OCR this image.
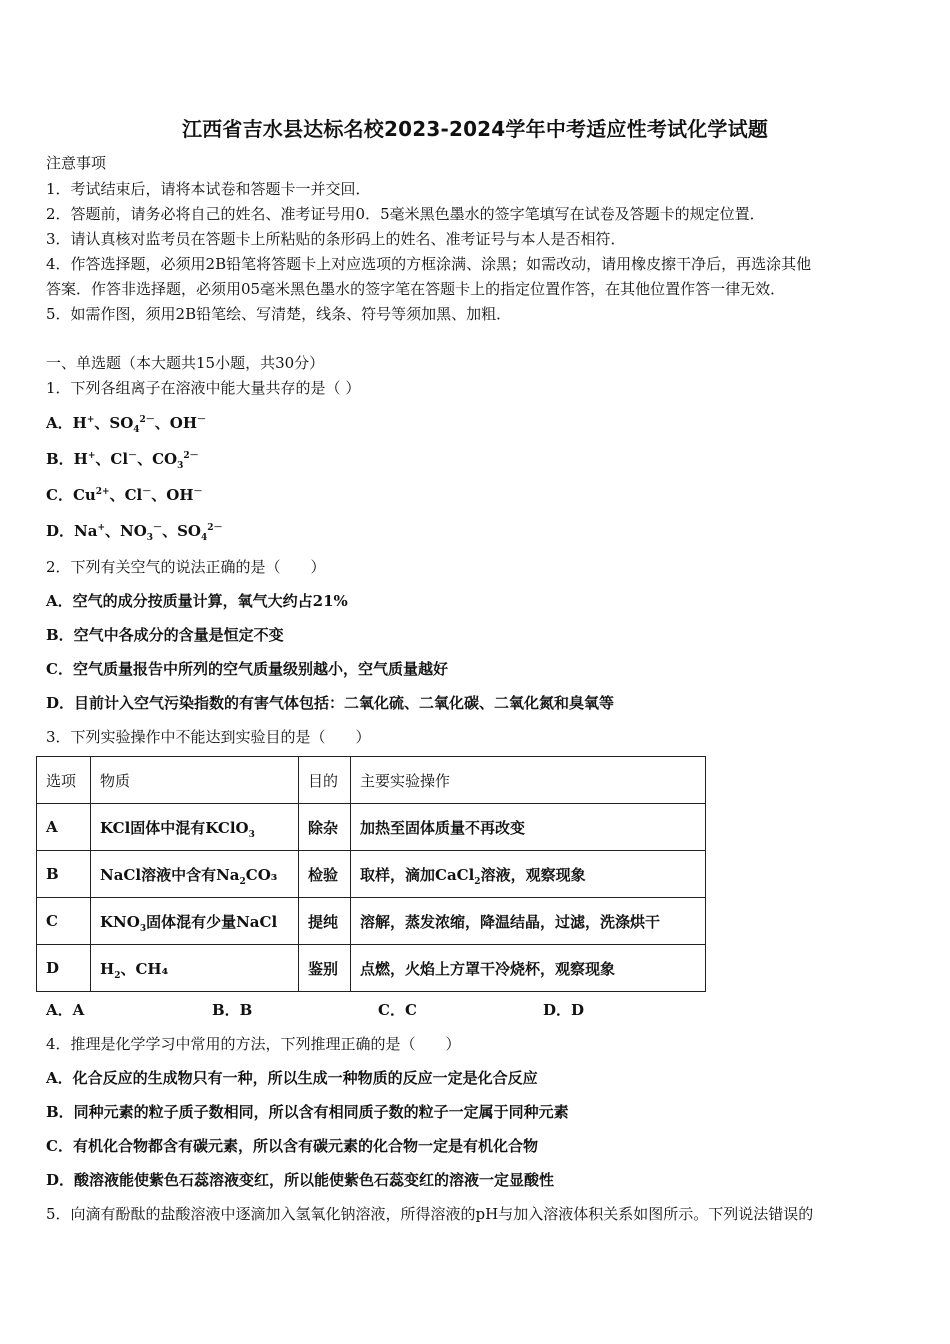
江西省吉水县达标名校2023-2024学年中考适应性考试化学试题
注意事项
1．考试结束后，请将本试卷和答题卡一并交回．
2．答题前，请务必将自己的姓名、准考证号用0．5毫米黑色墨水的签字笔填写在试卷及答题卡的规定位置．
3．请认真核对监考员在答题卡上所粘贴的条形码上的姓名、准考证号与本人是否相符．
4．作答选择题，必须用2B铅笔将答题卡上对应选项的方框涂满、涂黑；如需改动，请用橡皮擦干净后，再选涂其他
答案．作答非选择题，必须用05毫米黑色墨水的签字笔在答题卡上的指定位置作答，在其他位置作答一律无效．
5．如需作图，须用2B铅笔绘、写清楚，线条、符号等须加黑、加粗．
一、单选题（本大题共15小题，共30分）
1．下列各组离子在溶液中能大量共存的是（ ）
A．H+、$SO_4^{2-}$、OH－
B．H+、Cl－、$CO_3^{2-}$
C．$Cu^{2+}$、Cl－、OH－
D．Na+、$NO_3^-$、$SO_4^{2-}$
2．下列有关空气的说法正确的是（　　）
A．空气的成分按质量计算，氧气大约占21%
B．空气中各成分的含量是恒定不变
C．空气质量报告中所列的空气质量级别越小，空气质量越好
D．目前计入空气污染指数的有害气体包括：二氧化硫、二氧化碳、二氧化氮和臭氧等
3．下列实验操作中不能达到实验目的是（　　）
选项	物质	目的	主要实验操作
A	KCl固体中混有KClO$_3$	除杂	加热至固体质量不再改变
B	NaCl溶液中含有$Na_2CO_3$	检验	取样，滴加CaCl$_2$溶液，观察现象
C	$KNO_3$固体混有少量NaCl	提纯	溶解，蒸发浓缩，降温结晶，过滤，洗涤烘干
D	$H_2$、CH₄	鉴别	点燃，火焰上方罩干冷烧杯，观察现象
A．A	B．B	C．C	D．D
4．推理是化学学习中常用的方法，下列推理正确的是（　　）
A．化合反应的生成物只有一种，所以生成一种物质的反应一定是化合反应
B．同种元素的粒子质子数相同，所以含有相同质子数的粒子一定属于同种元素
C．有机化合物都含有碳元素，所以含有碳元素的化合物一定是有机化合物
D．酸溶液能使紫色石蕊溶液变红，所以能使紫色石蕊变红的溶液一定显酸性
5．向滴有酚酞的盐酸溶液中逐滴加入氢氧化钠溶液，所得溶液的pH与加入溶液体积关系如图所示。下列说法错误的
